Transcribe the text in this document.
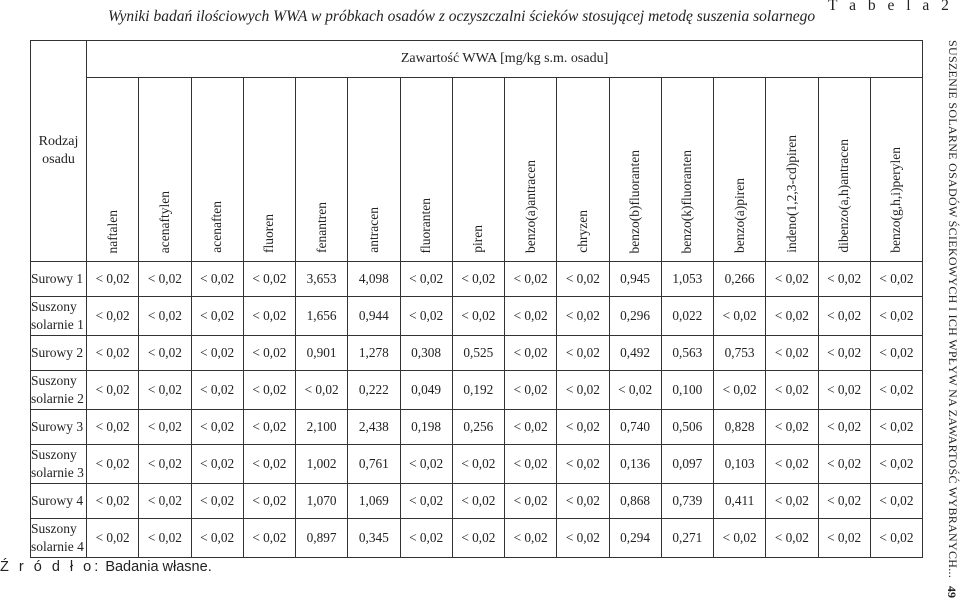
Wyniki badań ilościowych WWA w próbkach osadów z oczyszczalni ścieków stosującej metodę suszenia solarnego
T a b e l a 2
SUSZENIE SOLARNE OSADÓW ŚCIEKOWYCH I ICH WPŁYW NA ZAWARTOŚĆ WYBRANYCH...
49
Rodzaj osadu	Zawartość WWA [mg/kg s.m. osadu]															
	naftalen	acenaftylen	acenaften	fluoren	fenantren	antracen	fluoranten	piren	benzo(a)antracen	chryzen	benzo(b)fluoranten	benzo(k)fluoranten	benzo(a)piren	indeno(1,2,3-cd)piren	dibenzo(a,h)antracen	benzo(g,h,i)perylen
Surowy 1	< 0,02	< 0,02	< 0,02	< 0,02	3,653	4,098	< 0,02	< 0,02	< 0,02	< 0,02	0,945	1,053	0,266	< 0,02	< 0,02	< 0,02
Suszony solarnie 1	< 0,02	< 0,02	< 0,02	< 0,02	1,656	0,944	< 0,02	< 0,02	< 0,02	< 0,02	0,296	0,022	< 0,02	< 0,02	< 0,02	< 0,02
Surowy 2	< 0,02	< 0,02	< 0,02	< 0,02	0,901	1,278	0,308	0,525	< 0,02	< 0,02	0,492	0,563	0,753	< 0,02	< 0,02	< 0,02
Suszony solarnie 2	< 0,02	< 0,02	< 0,02	< 0,02	< 0,02	0,222	0,049	0,192	< 0,02	< 0,02	< 0,02	0,100	< 0,02	< 0,02	< 0,02	< 0,02
Surowy 3	< 0,02	< 0,02	< 0,02	< 0,02	2,100	2,438	0,198	0,256	< 0,02	< 0,02	0,740	0,506	0,828	< 0,02	< 0,02	< 0,02
Suszony solarnie 3	< 0,02	< 0,02	< 0,02	< 0,02	1,002	0,761	< 0,02	< 0,02	< 0,02	< 0,02	0,136	0,097	0,103	< 0,02	< 0,02	< 0,02
Surowy 4	< 0,02	< 0,02	< 0,02	< 0,02	1,070	1,069	< 0,02	< 0,02	< 0,02	< 0,02	0,868	0,739	0,411	< 0,02	< 0,02	< 0,02
Suszony solarnie 4	< 0,02	< 0,02	< 0,02	< 0,02	0,897	0,345	< 0,02	< 0,02	< 0,02	< 0,02	0,294	0,271	< 0,02	< 0,02	< 0,02	< 0,02
Ź r ó d ł o: Badania własne.
